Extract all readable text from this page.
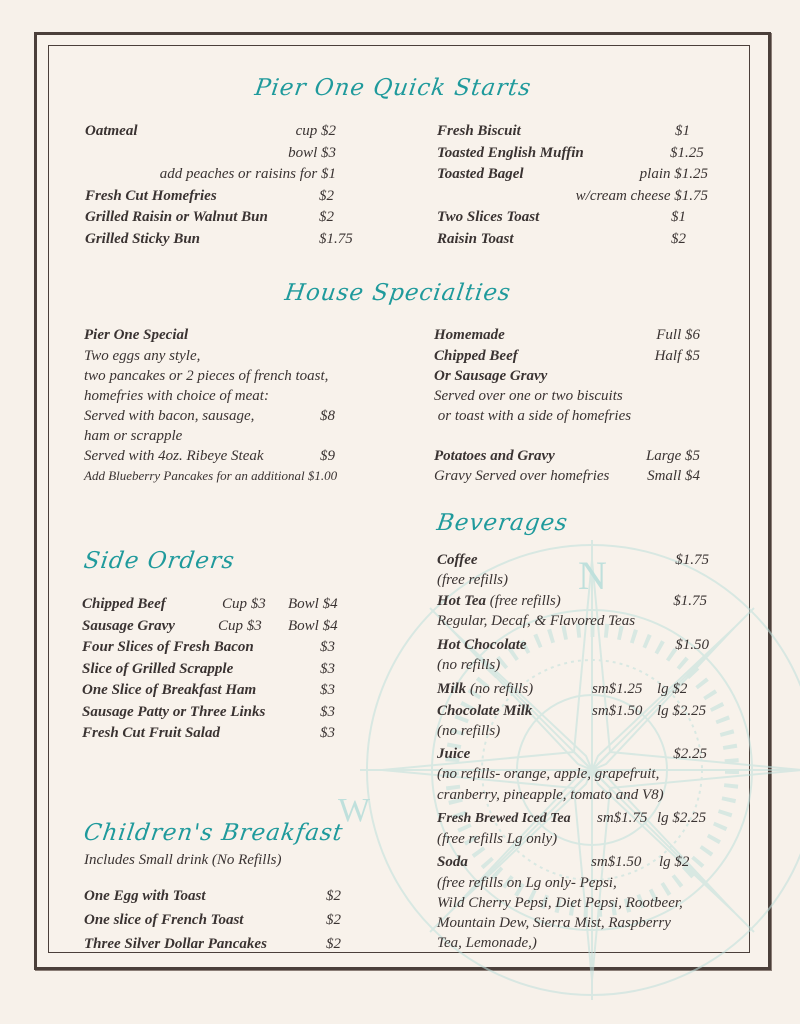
N
W
Pier One Quick Starts
Oatmeal	cup $2
bowl $3
add peaches or raisins for $1
Fresh Cut Homefries	$2
Grilled Raisin or Walnut Bun	$2
Grilled Sticky Bun	$1.75
Fresh Biscuit	$1
Toasted English Muffin	$1.25
Toasted Bagel	plain $1.25
w/cream cheese $1.75
Two Slices Toast	$1
Raisin Toast	$2
House Specialties
Pier One Special
Two eggs any style,
two pancakes or 2 pieces of french toast,
homefries with choice of meat:
Served with bacon, sausage,	$8
ham or scrapple
Served with 4oz. Ribeye Steak	$9
Add Blueberry Pancakes for an additional $1.00
Homemade	Full $6
Chipped Beef	Half $5
Or Sausage Gravy
Served over one or two biscuits
or toast with a side of homefries
Potatoes and Gravy	Large $5
Gravy Served over homefries	Small $4
Side Orders
Chipped Beef	Cup $3 Bowl $4
Sausage Gravy	Cup $3 Bowl $4
Four Slices of Fresh Bacon	$3
Slice of Grilled Scrapple	$3
One Slice of Breakfast Ham	$3
Sausage Patty or Three Links	$3
Fresh Cut Fruit Salad	$3
Children's Breakfast
Includes Small drink (No Refills)
One Egg with Toast	$2
One slice of French Toast	$2
Three Silver Dollar Pancakes	$2
Beverages
Coffee	$1.75
(free refills)
Hot Tea (free refills)	$1.75
Regular, Decaf, & Flavored Teas
Hot Chocolate	$1.50
(no refills)
Milk (no refills)	sm$1.25 lg $2
Chocolate Milk	sm$1.50 lg $2.25
(no refills)
Juice	$2.25
(no refills- orange, apple, grapefruit,
cranberry, pineapple, tomato and V8)
Fresh Brewed Iced Tea sm$1.75 lg $2.25
(free refills Lg only)
Soda	sm$1.50 lg $2
(free refills on Lg only- Pepsi,
Wild Cherry Pepsi, Diet Pepsi, Rootbeer,
Mountain Dew, Sierra Mist, Raspberry
Tea, Lemonade,)
